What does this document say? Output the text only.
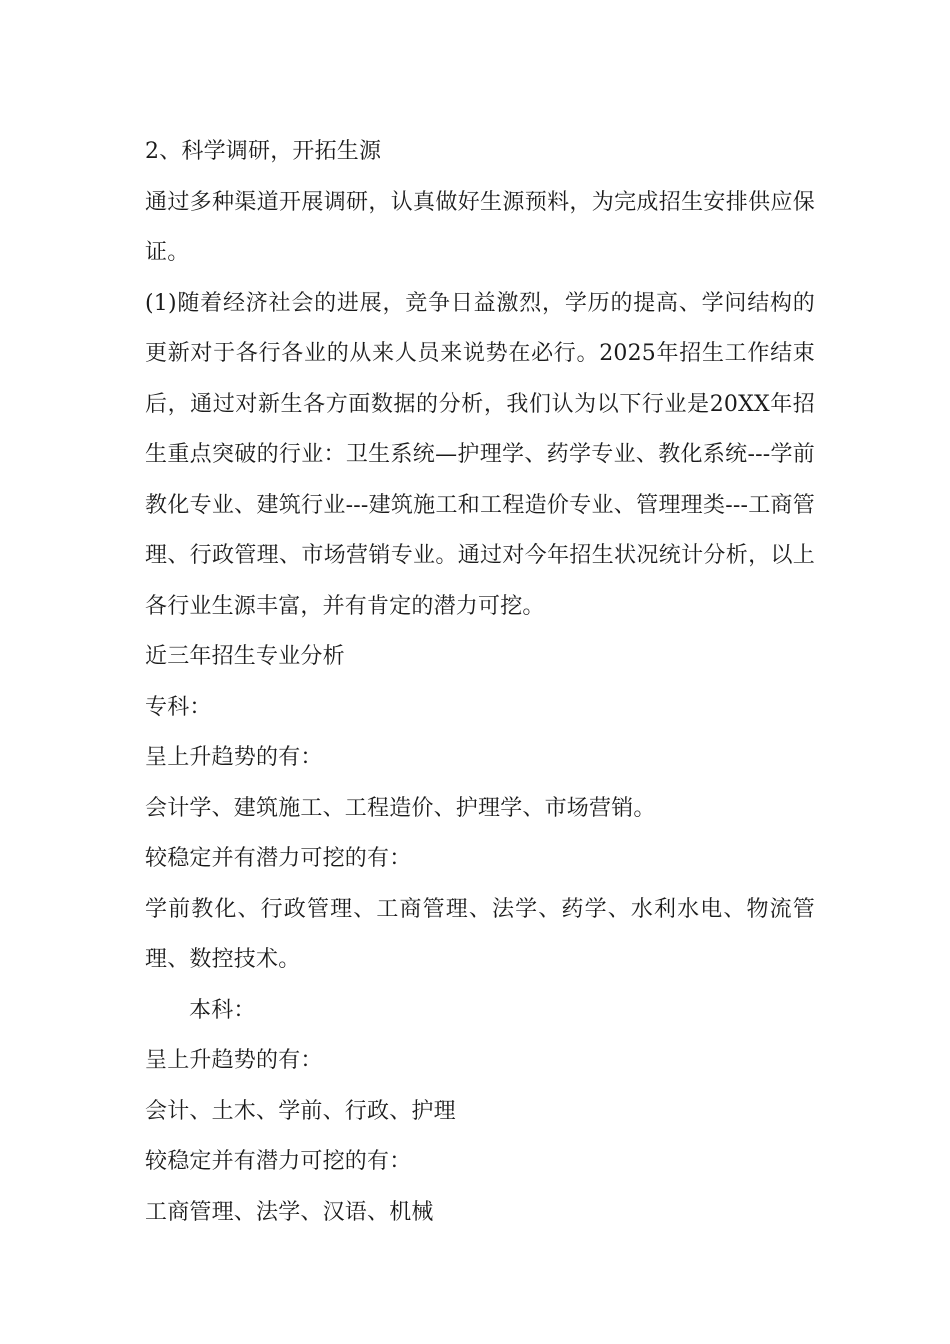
2、科学调研，开拓生源

通过多种渠道开展调研，认真做好生源预料，为完成招生安排供应保证。

(1)随着经济社会的进展，竞争日益激烈，学历的提高、学问结构的更新对于各行各业的从来人员来说势在必行。2025年招生工作结束后，通过对新生各方面数据的分析，我们认为以下行业是20XX年招生重点突破的行业：卫生系统—护理学、药学专业、教化系统---学前教化专业、建筑行业---建筑施工和工程造价专业、管理理类---工商管理、行政管理、市场营销专业。通过对今年招生状况统计分析，以上各行业生源丰富，并有肯定的潜力可挖。

近三年招生专业分析

专科：

呈上升趋势的有：

会计学、建筑施工、工程造价、护理学、市场营销。

较稳定并有潜力可挖的有：

学前教化、行政管理、工商管理、法学、药学、水利水电、物流管理、数控技术。

本科：

呈上升趋势的有：

会计、土木、学前、行政、护理

较稳定并有潜力可挖的有：

工商管理、法学、汉语、机械
